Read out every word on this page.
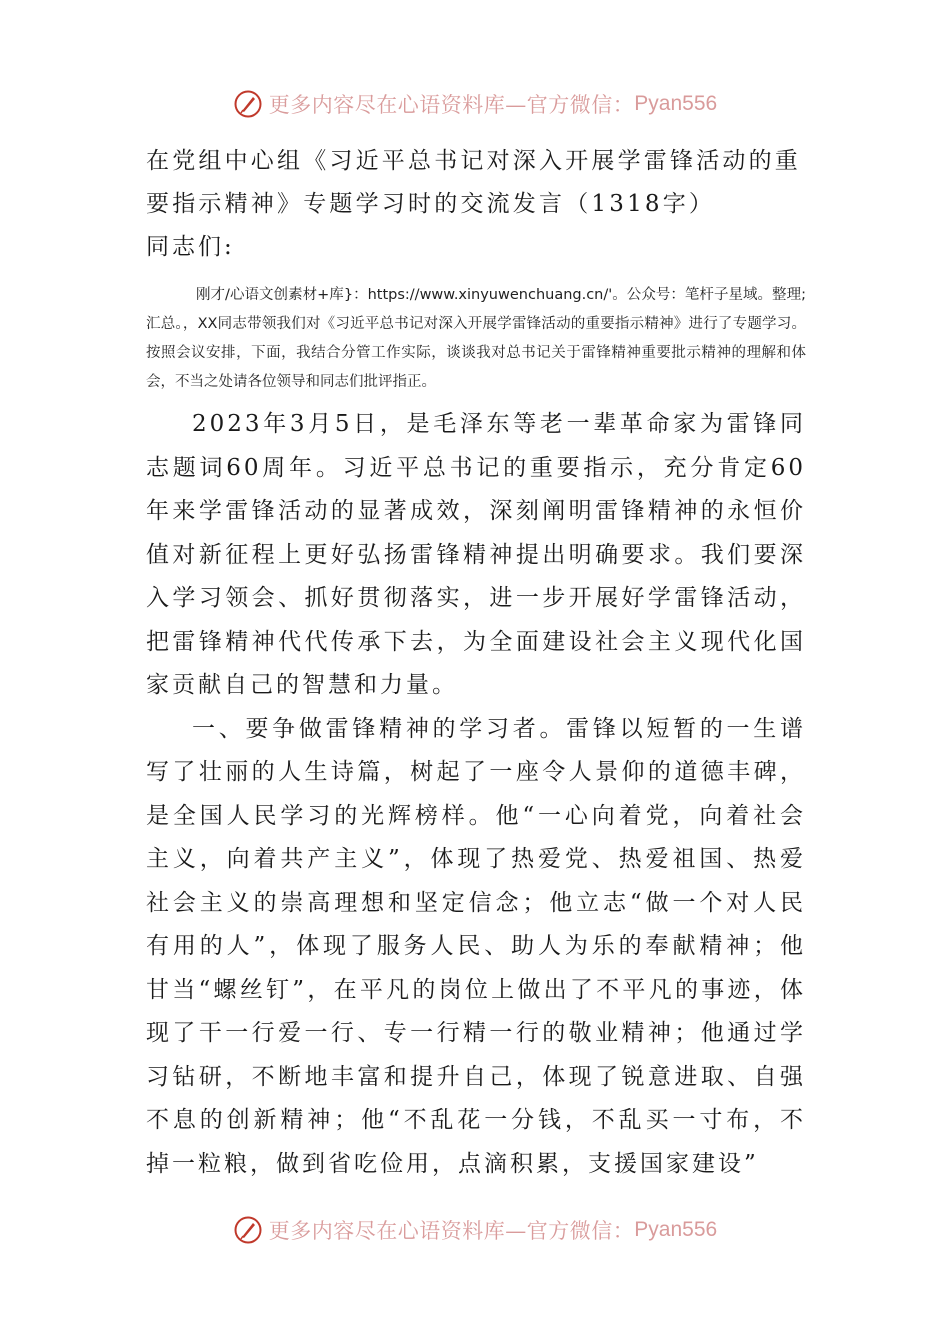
更多内容尽在心语资料库—官方微信： Pyan556
在党组中心组《习近平总书记对深入开展学雷锋活动的重要指示精神》专题学习时的交流发言（1318字）

同志们:

刚才/心语文创素材+库}：https://www.xinyuwenchuang.cn/'。公众号：笔杆子星域。整理;汇总。，XX同志带领我们对《习近平总书记对深入开展学雷锋活动的重要指示精神》进行了专题学习。按照会议安排，下面，我结合分管工作实际，谈谈我对总书记关于雷锋精神重要批示精神的理解和体会，不当之处请各位领导和同志们批评指正。

2023年3月5日，是毛泽东等老一辈革命家为雷锋同志题词60周年。习近平总书记的重要指示，充分肯定60年来学雷锋活动的显著成效，深刻阐明雷锋精神的永恒价值对新征程上更好弘扬雷锋精神提出明确要求。我们要深入学习领会、抓好贯彻落实，进一步开展好学雷锋活动，把雷锋精神代代传承下去，为全面建设社会主义现代化国家贡献自己的智慧和力量。

一、要争做雷锋精神的学习者。雷锋以短暂的一生谱写了壮丽的人生诗篇，树起了一座令人景仰的道德丰碑，是全国人民学习的光辉榜样。他“一心向着党，向着社会主义，向着共产主义”，体现了热爱党、热爱祖国、热爱社会主义的崇高理想和坚定信念；他立志“做一个对人民有用的人”，体现了服务人民、助人为乐的奉献精神；他甘当“螺丝钉”，在平凡的岗位上做出了不平凡的事迹，体现了干一行爱一行、专一行精一行的敬业精神；他通过学习钻研，不断地丰富和提升自己，体现了锐意进取、自强不息的创新精神；他“不乱花一分钱，不乱买一寸布，不掉一粒粮，做到省吃俭用，点滴积累，支援国家建设”

更多内容尽在心语资料库—官方微信： Pyan556
